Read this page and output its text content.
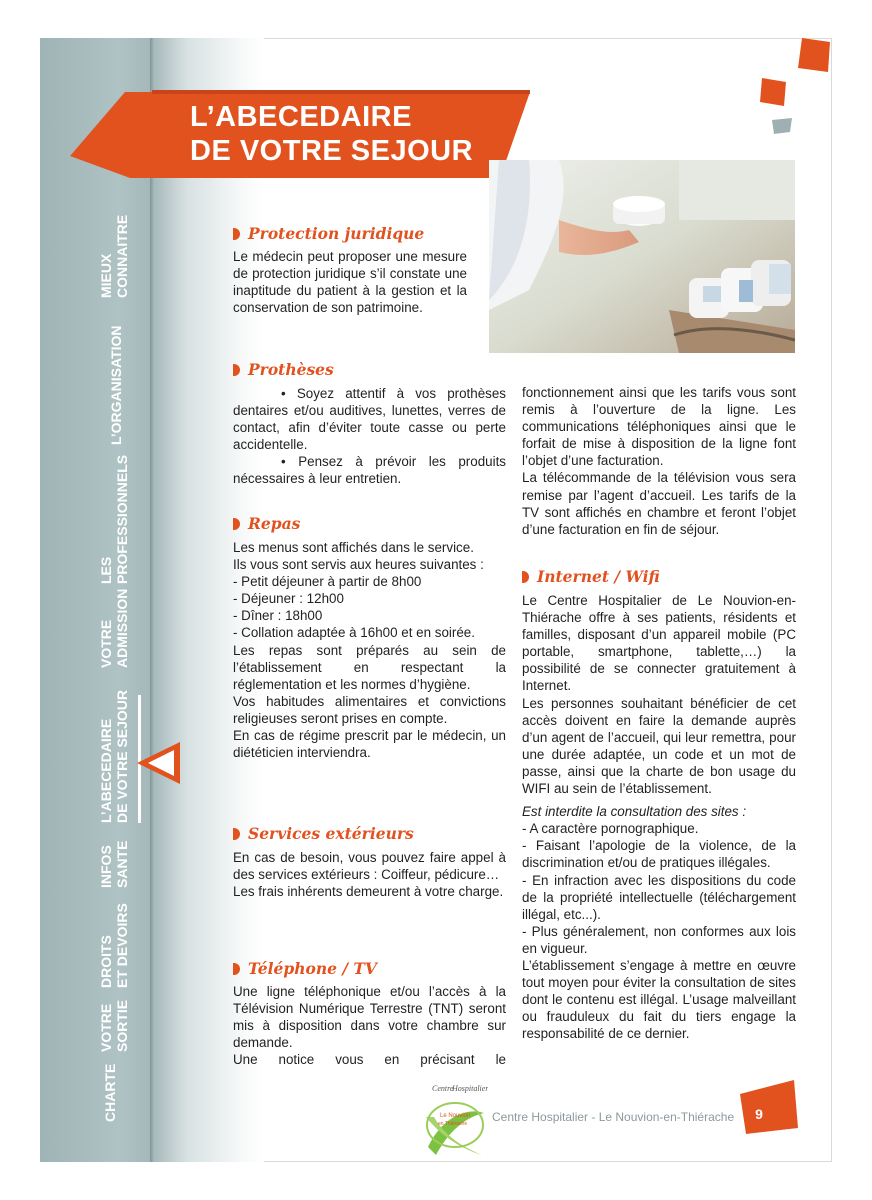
MIEUX CONNAITRE
L’ORGANISATION
LES PROFESSIONNELS
VOTRE ADMISSION
L’ABECEDAIRE DE VOTRE SEJOUR
INFOS SANTE
DROITS ET DEVOIRS
VOTRE SORTIE
CHARTE
L’ABECEDAIRE
DE VOTRE SEJOUR
Protection juridique
Le médecin peut proposer une mesure de protection juridique s’il constate une inaptitude du patient à la gestion et la conservation de son patrimoine.
Prothèses

• Soyez attentif à vos prothèses dentaires et/ou auditives, lunettes, verres de contact, afin d’éviter toute casse ou perte accidentelle.

• Pensez à prévoir les produits nécessaires à leur entretien.

Repas

Les menus sont affichés dans le service.

Ils vous sont servis aux heures suivantes :

- Petit déjeuner à partir de 8h00

- Déjeuner : 12h00

- Dîner : 18h00

- Collation adaptée à 16h00 et en soirée.

Les repas sont préparés au sein de l’établissement en respectant la réglementation et les normes d’hygiène.

Vos habitudes alimentaires et convictions religieuses seront prises en compte.

En cas de régime prescrit par le médecin, un diététicien interviendra.

Services extérieurs

En cas de besoin, vous pouvez faire appel à des services extérieurs : Coiffeur, pédicure…

Les frais inhérents demeurent à votre charge.

Téléphone / TV

Une ligne téléphonique et/ou l’accès à la Télévision Numérique Terrestre (TNT) seront mis à disposition dans votre chambre sur demande.

Une notice vous en précisant le

fonctionnement ainsi que les tarifs vous sont remis à l’ouverture de la ligne. Les communications téléphoniques ainsi que le forfait de mise à disposition de la ligne font l’objet d’une facturation.

La télécommande de la télévision vous sera remise par l’agent d’accueil. Les tarifs de la TV sont affichés en chambre et feront l’objet d’une facturation en fin de séjour.

Internet / Wifi

Le Centre Hospitalier de Le Nouvion-en-Thiérache offre à ses patients, résidents et familles, disposant d’un appareil mobile (PC portable, smartphone, tablette,…) la possibilité de se connecter gratuitement à Internet.

Les personnes souhaitant bénéficier de cet accès doivent en faire la demande auprès d’un agent de l’accueil, qui leur remettra, pour une durée adaptée, un code et un mot de passe, ainsi que la charte de bon usage du WIFI au sein de l’établissement.

Est interdite la consultation des sites :

- A caractère pornographique.

- Faisant l’apologie de la violence, de la discrimination et/ou de pratiques illégales.

- En infraction avec les dispositions du code de la propriété intellectuelle (téléchargement illégal, etc...).

- Plus généralement, non conformes aux lois en vigueur.

L’établissement s’engage à mettre en œuvre tout moyen pour éviter la consultation de sites dont le contenu est illégal. L’usage malveillant ou frauduleux du fait du tiers engage la responsabilité de ce dernier.

Centre
Hospitalier
Le Nouvion
en Thiérache Centre Hospitalier - Le Nouvion-en-Thiérache	9
